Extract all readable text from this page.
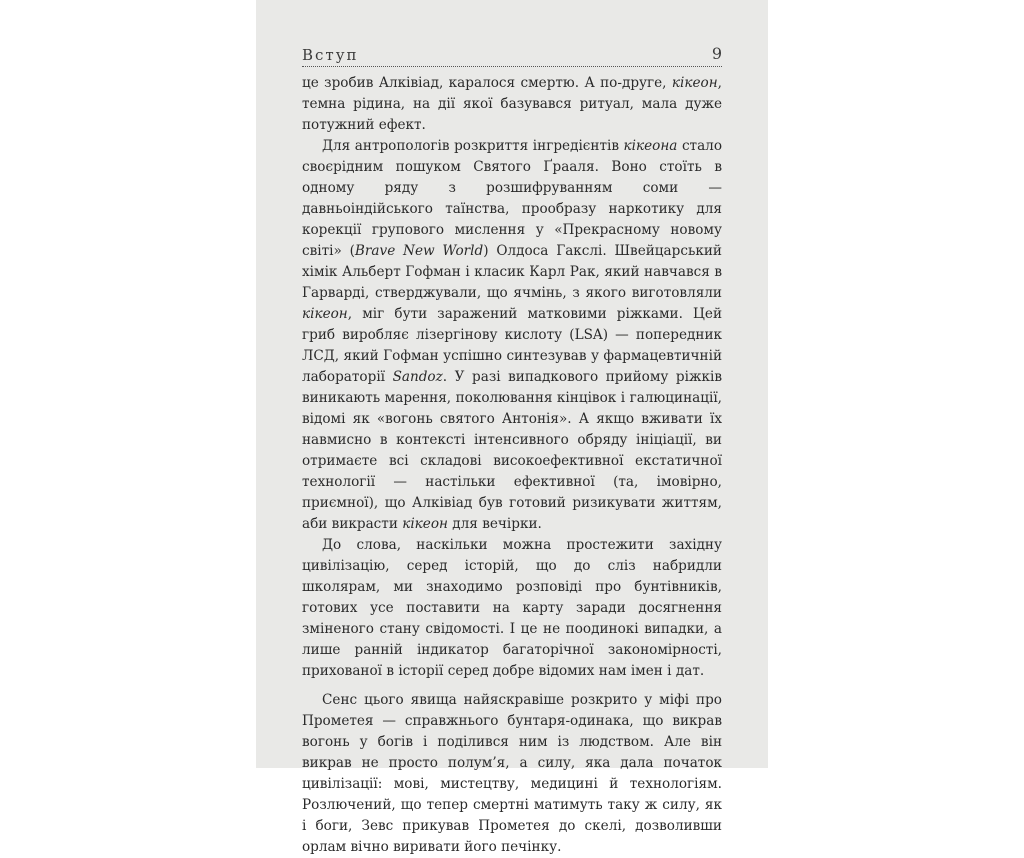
Вступ	9

це зробив Алківіад, каралося смертю. А по-друге, кікеон, темна рідина, на дії якої базувався ритуал, мала дуже потужний ефект.

Для антропологів розкриття інгредієнтів кікеона стало своєрідним пошуком Святого Ґрааля. Воно стоїть в одному ряду з розшифруванням соми — давньоіндійського таїнства, прообразу наркотику для корекції групового мислення у «Прекрасному новому світі» (Brave New World) Олдоса Гакслі. Швейцарський хімік Альберт Гофман і класик Карл Рак, який навчався в Гарварді, стверджували, що ячмінь, з якого виготовляли кікеон, міг бути заражений матковими ріжками. Цей гриб виробляє лізергінову кислоту (LSA) — попередник ЛСД, який Гофман успішно синтезував у фармацевтичній лабораторії Sandoz. У разі випадкового прийому ріжків виникають марення, поколювання кінцівок і галюцинації, відомі як «вогонь святого Антонія». А якщо вживати їх навмисно в контексті інтенсивного обряду ініціації, ви отримаєте всі складові високоефективної екстатичної технології — настільки ефективної (та, імовірно, приємної), що Алківіад був готовий ризикувати життям, аби викрасти кікеон для вечірки.

До слова, наскільки можна простежити західну цивілізацію, серед історій, що до сліз набридли школярам, ми знаходимо розповіді про бунтівників, готових усе поставити на карту заради досягнення зміненого стану свідомості. І це не поодинокі випадки, а лише ранній індикатор багаторічної закономірності, прихованої в історії серед добре відомих нам імен і дат.

Сенс цього явища найяскравіше розкрито у міфі про Прометея — справжнього бунтаря-одинака, що викрав вогонь у богів і поділився ним із людством. Але він викрав не просто полум’я, а силу, яка дала початок цивілізації: мові, мистецтву, медицині й технологіям. Розлючений, що тепер смертні матимуть таку ж силу, як і боги, Зевс прикував Прометея до скелі, дозволивши орлам вічно виривати його печінку.
